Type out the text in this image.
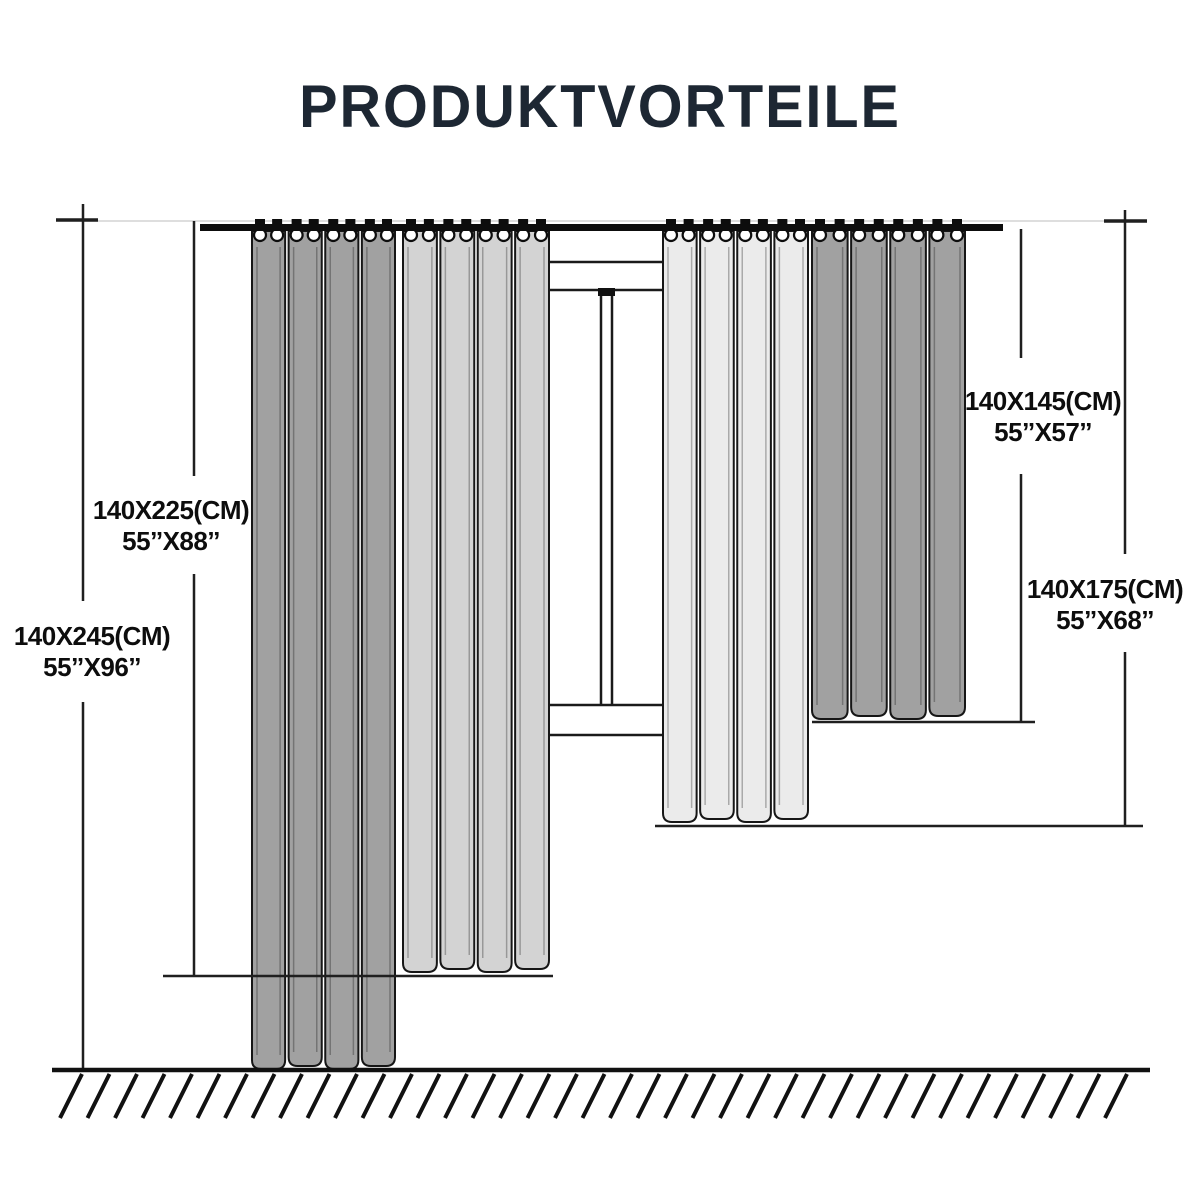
PRODUKTVORTEILE
140X225(CM)
55’’X88’’
140X245(CM)
55’’X96’’
140X145(CM)
55’’X57’’
140X175(CM)
55’’X68’’
